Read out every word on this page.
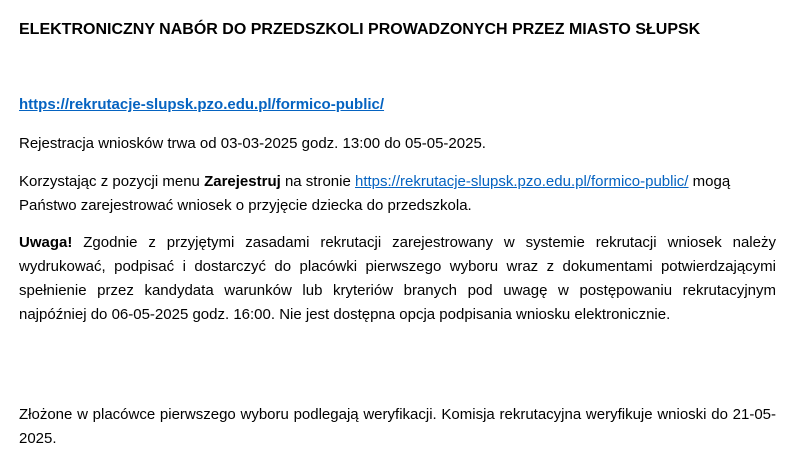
ELEKTRONICZNY NABÓR DO PRZEDSZKOLI PROWADZONYCH PRZEZ MIASTO SŁUPSK
https://rekrutacje-slupsk.pzo.edu.pl/formico-public/

Rejestracja wniosków trwa od 03-03-2025 godz. 13:00 do 05-05-2025.

Korzystając z pozycji menu Zarejestruj na stronie https://rekrutacje-slupsk.pzo.edu.pl/formico-public/ mogą Państwo zarejestrować wniosek o przyjęcie dziecka do przedszkola.

Uwaga! Zgodnie z przyjętymi zasadami rekrutacji zarejestrowany w systemie rekrutacji wniosek należy wydrukować, podpisać i dostarczyć do placówki pierwszego wyboru wraz z dokumentami potwierdzającymi spełnienie przez kandydata warunków lub kryteriów branych pod uwagę w postępowaniu rekrutacyjnym najpóźniej do 06-05-2025 godz. 16:00. Nie jest dostępna opcja podpisania wniosku elektronicznie.

Złożone w placówce pierwszego wyboru podlegają weryfikacji. Komisja rekrutacyjna weryfikuje wnioski do 21-05-2025.
